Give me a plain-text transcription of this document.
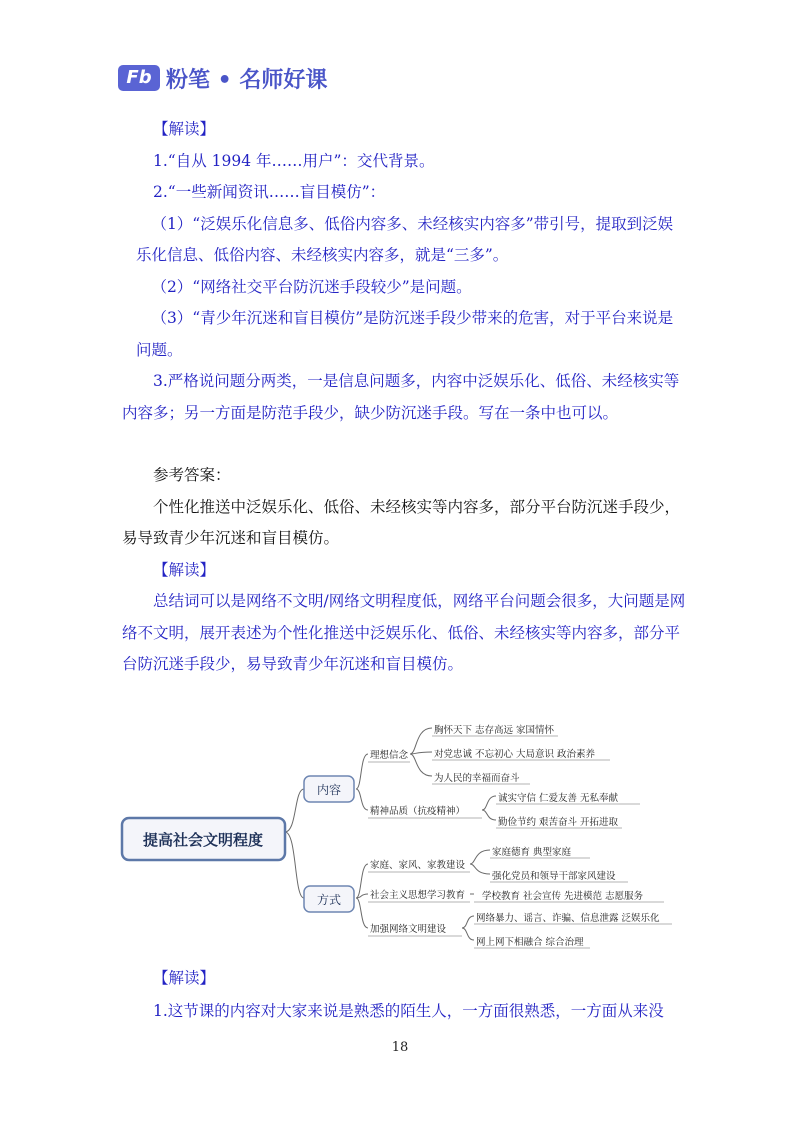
Fb 粉笔 • 名师好课

【解读】

1.“自从 1994 年……用户”：交代背景。

2.“一些新闻资讯……盲目模仿”：

（1）“泛娱乐化信息多、低俗内容多、未经核实内容多”带引号，提取到泛娱乐化信息、低俗内容、未经核实内容多，就是“三多”。

（2）“网络社交平台防沉迷手段较少”是问题。

（3）“青少年沉迷和盲目模仿”是防沉迷手段少带来的危害，对于平台来说是问题。

3.严格说问题分两类，一是信息问题多，内容中泛娱乐化、低俗、未经核实等内容多；另一方面是防范手段少，缺少防沉迷手段。写在一条中也可以。

参考答案：

个性化推送中泛娱乐化、低俗、未经核实等内容多，部分平台防沉迷手段少，易导致青少年沉迷和盲目模仿。

【解读】

总结词可以是网络不文明/网络文明程度低，网络平台问题会很多，大问题是网络不文明，展开表述为个性化推送中泛娱乐化、低俗、未经核实等内容多，部分平台防沉迷手段少，易导致青少年沉迷和盲目模仿。

提高社会文明程度
内容
方式
理想信念
精神品质（抗疫精神）
家庭、家风、家教建设
社会主义思想学习教育
加强网络文明建设
胸怀天下 志存高远 家国情怀
对党忠诚 不忘初心 大局意识 政治素养
为人民的幸福而奋斗
诚实守信 仁爱友善 无私奉献
勤俭节约 艰苦奋斗 开拓进取
家庭德育 典型家庭
强化党员和领导干部家风建设
学校教育 社会宣传 先进模范 志愿服务
网络暴力、谣言、诈骗、信息泄露 泛娱乐化
网上网下相融合 综合治理

【解读】

1.这节课的内容对大家来说是熟悉的陌生人，一方面很熟悉，一方面从来没

18
